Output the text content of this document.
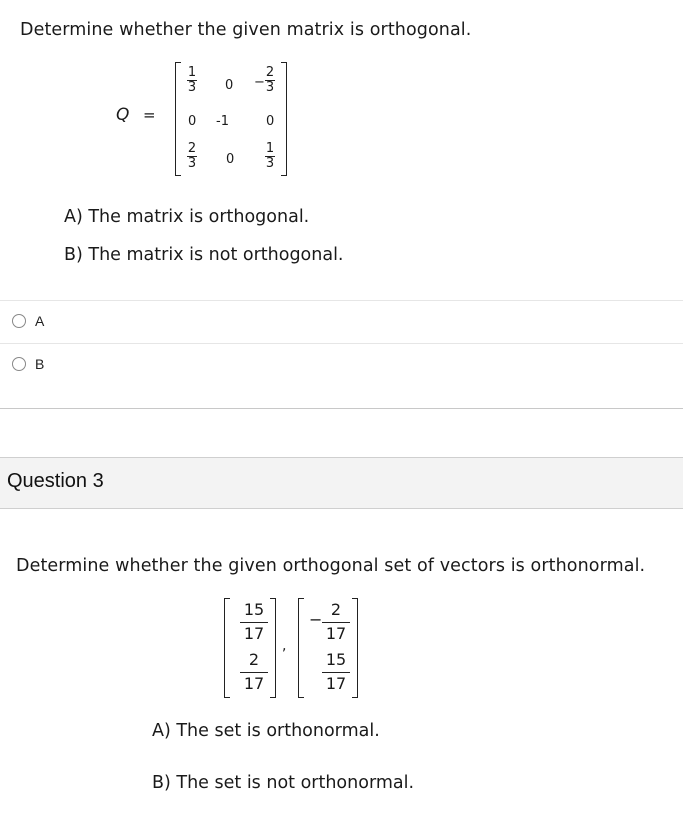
Determine whether the given matrix is orthogonal.
Q =
1
3 0 −
2
3
0 -1	0
2
3 0
1
3
A) The matrix is orthogonal.
B) The matrix is not orthogonal.
A
B
Question 3
Determine whether the given orthogonal set of vectors is orthonormal.
15
17
2
17
,
−
2
17
15
17
A) The set is orthonormal.
B) The set is not orthonormal.
